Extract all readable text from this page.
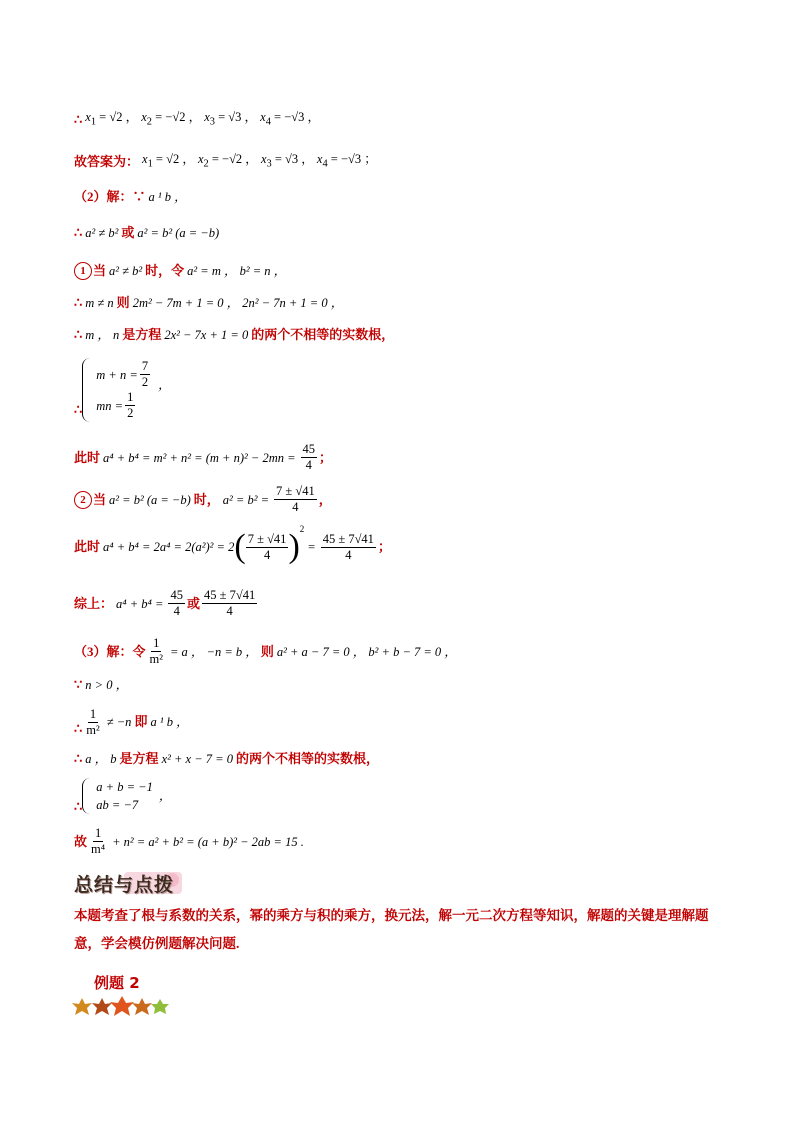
∴ $x_1 = √2$ ， $x_2 = -√2$ ， $x_3 = √3$ ， $x_4 = -√3$ ，
故答案为： $x_1 = √2$ ， $x_2 = -√2$ ， $x_3 = √3$ ， $x_4 = -√3$ ；
（2）解：∵ a ¹ b ，
∴ a² ≠ b² 或 a² = b² (a = −b)
1 当 a² ≠ b² 时，令 a² = m ， b² = n ，
∴ m ≠ n 则 2m² − 7m + 1 = 0 ， 2n² − 7n + 1 = 0 ，
∴ m ， n 是方程 2x² − 7x + 1 = 0 的两个不相等的实数根，
∴
$m + n = \frac{7}{2}$
mn = $\frac{1}{2}$
，
此时 $a^4 + b^4 = m^2 + n^2 = (m + n)^2 - 2mn = \frac{45}{4}$ ；
2 当 a² = b² (a = −b) 时， $a^2 = b^2 = \frac{7 \pm √41}{4}$ ，
此时 a⁴ + b⁴ = 2a⁴ = 2(a²)² = 2 ( $\frac{7 \pm √41}{4}$ ) 2
= $\frac{45 \pm 7√41}{4}$ ；
综上： $a^4 + b^4 = \frac{45}{4}$ 或 $\frac{45 \pm 7√41}{4}$
（3）解：令 $\frac{1}{\text{m²}} = a$ ， −n = b ， 则 a² + a − 7 = 0 ， b² + b − 7 = 0 ，
∵ n > 0 ，
∴ $\frac{1}{\text{m²}} \ne -n$ 即 a ¹ b ，
∴ a ， b 是方程 x² + x − 7 = 0 的两个不相等的实数根，
∴
a + b = −1
ab = −7
，
故 $\frac{1}{\text{m⁴}} + n^2 = a^2 + b^2 = (a + b)^2 - 2ab = 15$ .
总结与点拨
本题考查了根与系数的关系，幂的乘方与积的乘方，换元法，解一元二次方程等知识，解题的关键是理解题意，学会模仿例题解决问题.
例题 2
